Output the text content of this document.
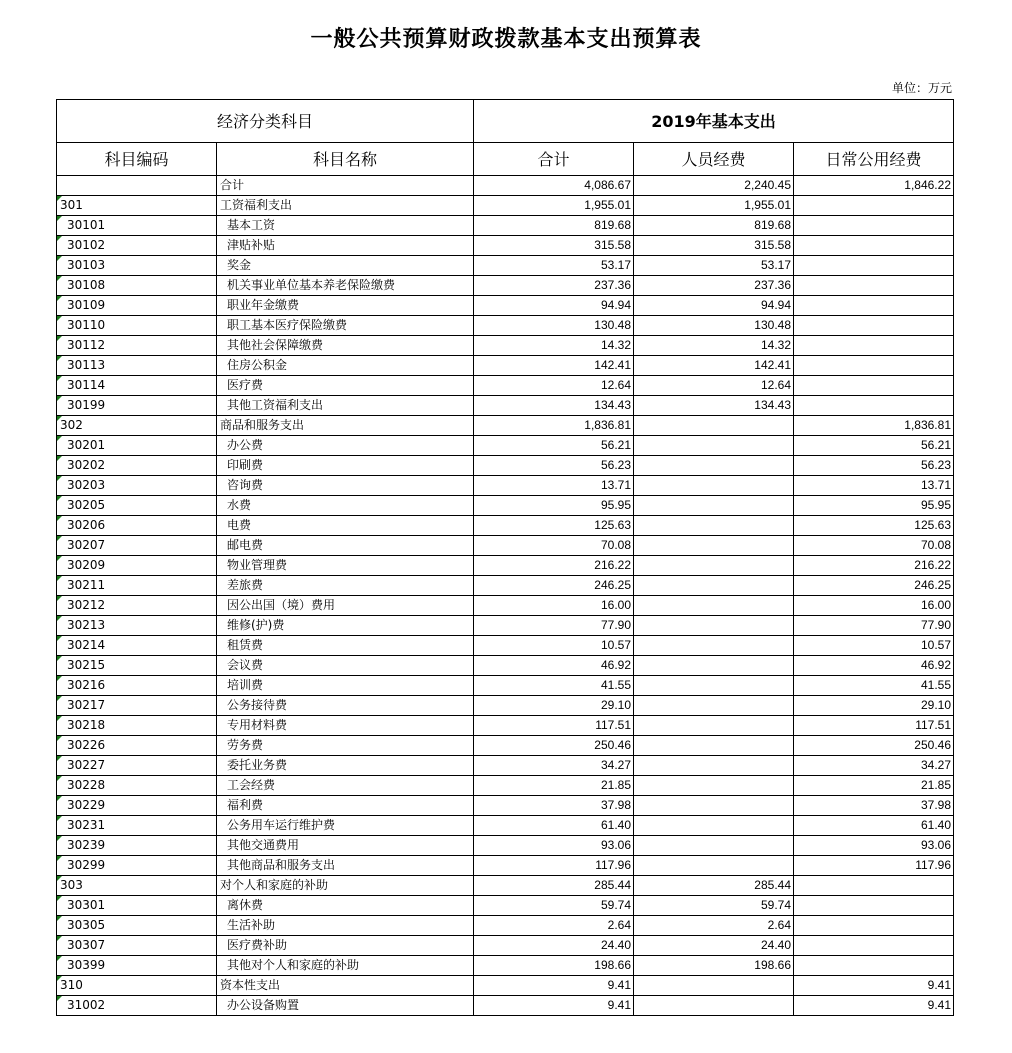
一般公共预算财政拨款基本支出预算表
单位：万元
经济分类科目		2019年基本支出		
科目编码	科目名称	合计	人员经费	日常公用经费
	合计	4,086.67	2,240.45	1,846.22

301	工资福利支出	1,955.01	1,955.01	

30101	基本工资	819.68	819.68	

30102	津贴补贴	315.58	315.58	

30103	奖金	53.17	53.17	

30108	机关事业单位基本养老保险缴费	237.36	237.36	

30109	职业年金缴费	94.94	94.94	

30110	职工基本医疗保险缴费	130.48	130.48	

30112	其他社会保障缴费	14.32	14.32	

30113	住房公积金	142.41	142.41	

30114	医疗费	12.64	12.64	

30199	其他工资福利支出	134.43	134.43	

302	商品和服务支出	1,836.81		1,836.81

30201	办公费	56.21		56.21

30202	印刷费	56.23		56.23

30203	咨询费	13.71		13.71

30205	水费	95.95		95.95

30206	电费	125.63		125.63

30207	邮电费	70.08		70.08

30209	物业管理费	216.22		216.22

30211	差旅费	246.25		246.25

30212	因公出国（境）费用	16.00		16.00

30213	维修(护)费	77.90		77.90

30214	租赁费	10.57		10.57

30215	会议费	46.92		46.92

30216	培训费	41.55		41.55

30217	公务接待费	29.10		29.10

30218	专用材料费	117.51		117.51

30226	劳务费	250.46		250.46

30227	委托业务费	34.27		34.27

30228	工会经费	21.85		21.85

30229	福利费	37.98		37.98

30231	公务用车运行维护费	61.40		61.40

30239	其他交通费用	93.06		93.06

30299	其他商品和服务支出	117.96		117.96

303	对个人和家庭的补助	285.44	285.44	

30301	离休费	59.74	59.74	

30305	生活补助	2.64	2.64	

30307	医疗费补助	24.40	24.40	

30399	其他对个人和家庭的补助	198.66	198.66	

310	资本性支出	9.41		9.41

31002	办公设备购置	9.41		9.41
